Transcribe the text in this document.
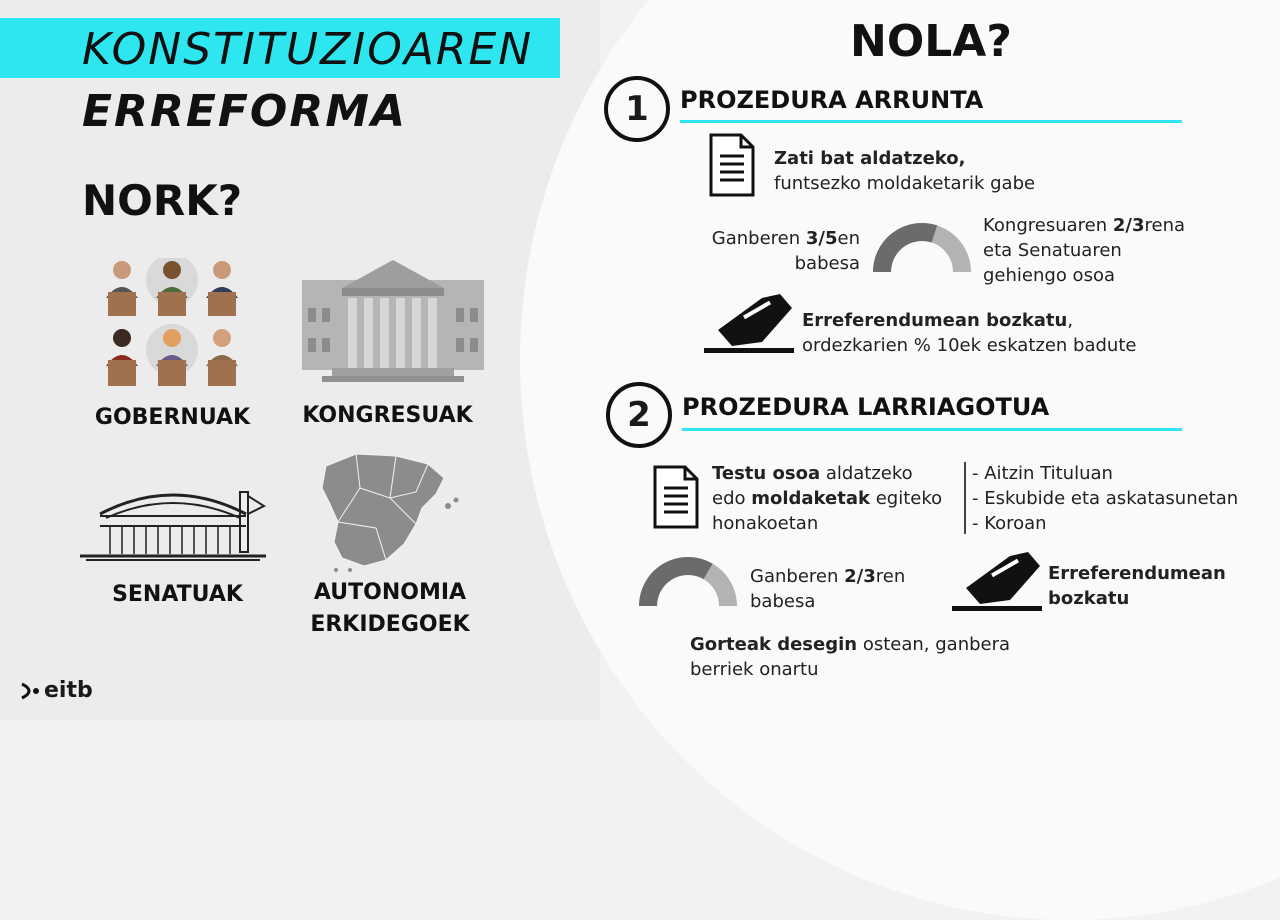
KONSTITUZIOAREN
ERREFORMA
NORK?
GOBERNUAK	KONGRESUAK
SENATUAK	AUTONOMIA
ERKIDEGOEK
eitb
NOLA?
1	PROZEDURA ARRUNTA
Zati bat aldatzeko,
funtsezko moldaketarik gabe
Ganberen 3/5en
babesa
Kongresuaren 2/3rena
eta Senatuaren
gehiengo osoa
Erreferendumean bozkatu,
ordezkarien % 10ek eskatzen badute
2	PROZEDURA LARRIAGOTUA
Testu osoa aldatzeko
edo moldaketak egiteko
honakoetan
- Aitzin Tituluan
- Eskubide eta askatasunetan
- Koroan
Ganberen 2/3ren
babesa
Erreferendumean
bozkatu
Gorteak desegin ostean, ganbera
berriek onartu
